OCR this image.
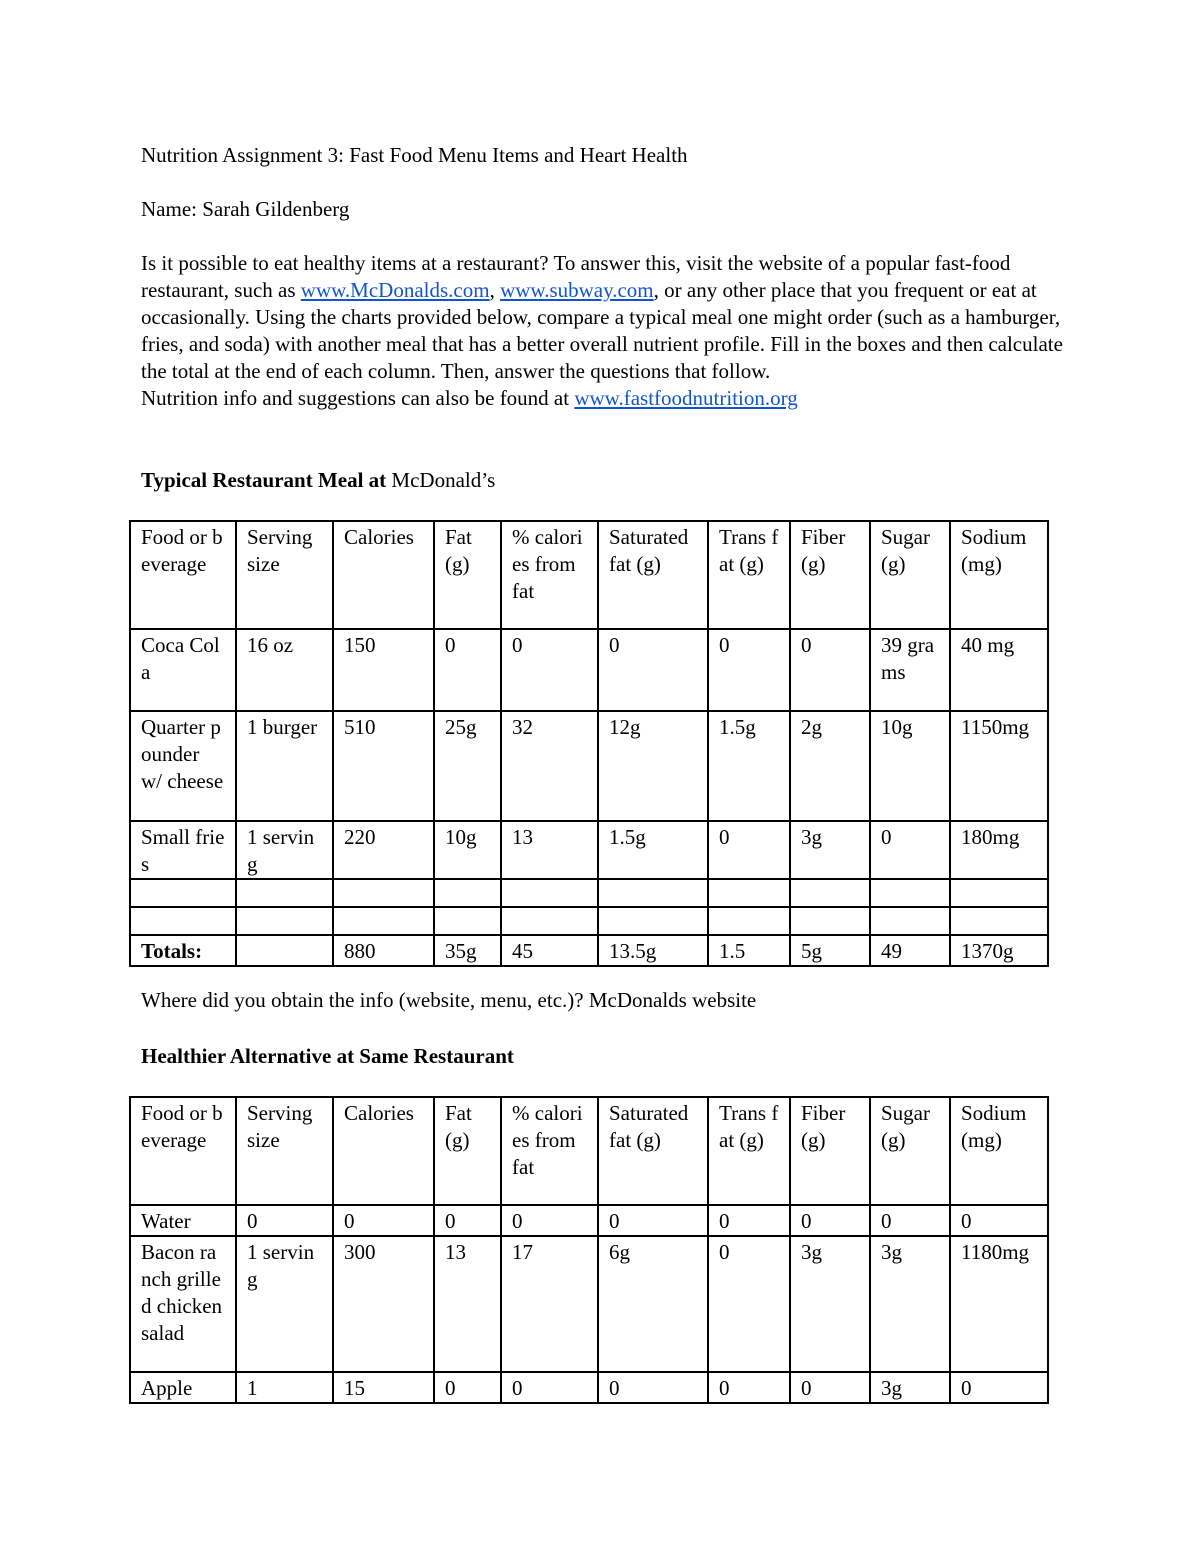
Nutrition Assignment 3: Fast Food Menu Items and Heart Health

Name: Sarah Gildenberg

Is it possible to eat healthy items at a restaurant? To answer this, visit the website of a popular fast-food restaurant, such as www.McDonalds.com, www.subway.com, or any other place that you frequent or eat at occasionally. Using the charts provided below, compare a typical meal one might order (such as a hamburger, fries, and soda) with another meal that has a better overall nutrient profile. Fill in the boxes and then calculate the total at the end of each column. Then, answer the questions that follow.
Nutrition info and suggestions can also be found at www.fastfoodnutrition.org

Typical Restaurant Meal at McDonald’s

Food or beverage	Serving size	Calories	Fat (g)	% calories from fat	Saturated fat (g)	Trans fat (g)	Fiber (g)	Sugar (g)	Sodium (mg)
Coca Cola	16 oz	150	0	0	0	0	0	39 grams	40 mg
Quarter pounder w/ cheese	1 burger	510	25g	32	12g	1.5g	2g	10g	1150mg
Small fries	1 serving	220	10g	13	1.5g	0	3g	0	180mg

Totals:		880	35g	45	13.5g	1.5	5g	49	1370g

Where did you obtain the info (website, menu, etc.)? McDonalds website

Healthier Alternative at Same Restaurant

Food or beverage	Serving size	Calories	Fat (g)	% calories from fat	Saturated fat (g)	Trans fat (g)	Fiber (g)	Sugar (g)	Sodium (mg)
Water	0	0	0	0	0	0	0	0	0
Bacon ranch grilled chicken salad	1 serving	300	13	17	6g	0	3g	3g	1180mg
Apple	1	15	0	0	0	0	0	3g	0
